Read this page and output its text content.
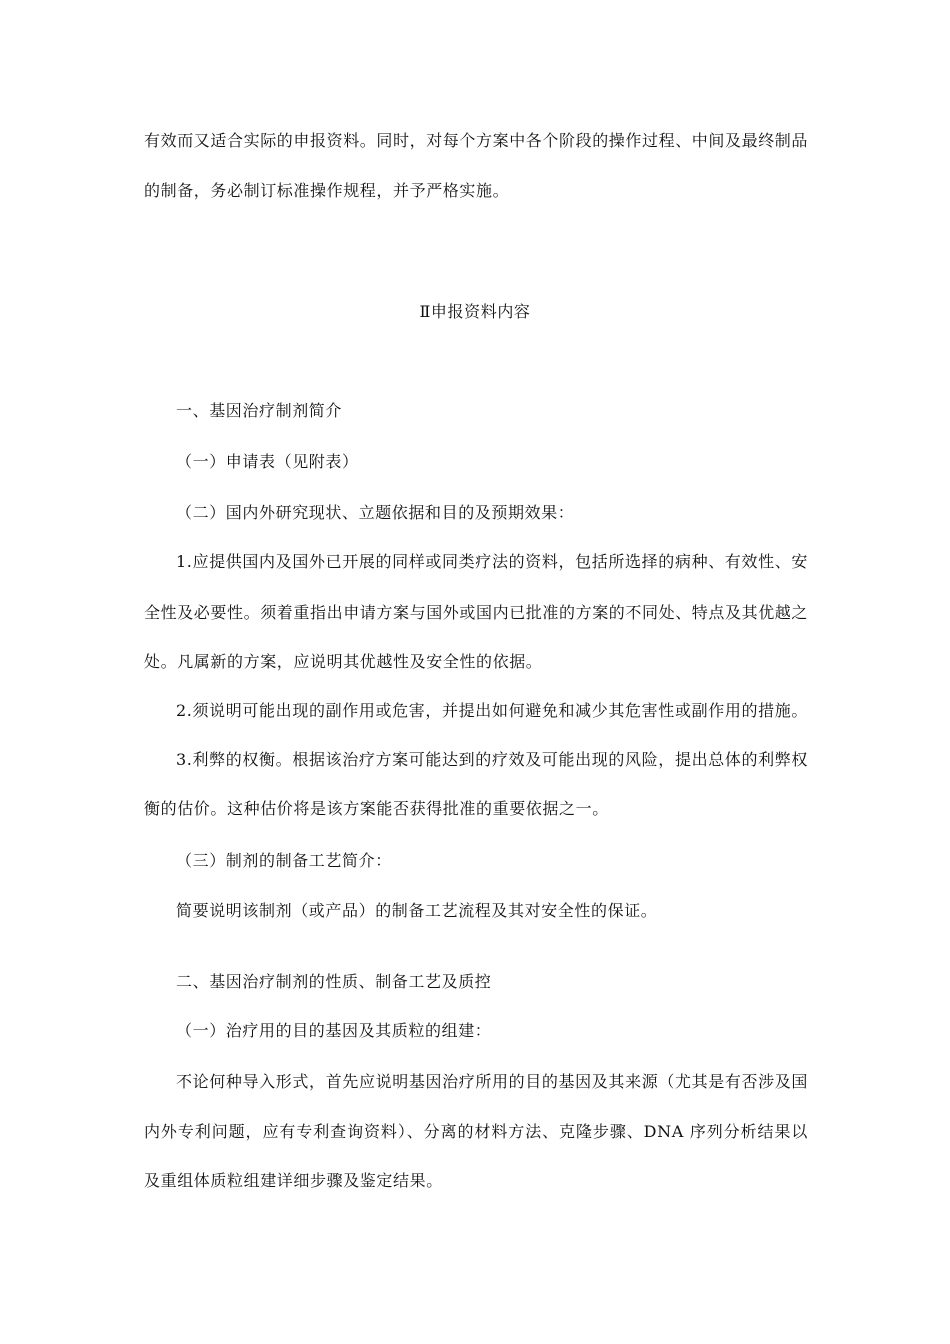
有效而又适合实际的申报资料。同时，对每个方案中各个阶段的操作过程、中间及最终制品
的制备，务必制订标准操作规程，并予严格实施。
Ⅱ申报资料内容
一、基因治疗制剂简介
（一）申请表（见附表）
（二）国内外研究现状、立题依据和目的及预期效果：
1.应提供国内及国外已开展的同样或同类疗法的资料，包括所选择的病种、有效性、安
全性及必要性。须着重指出申请方案与国外或国内已批准的方案的不同处、特点及其优越之
处。凡属新的方案，应说明其优越性及安全性的依据。
2.须说明可能出现的副作用或危害，并提出如何避免和减少其危害性或副作用的措施。
3.利弊的权衡。根据该治疗方案可能达到的疗效及可能出现的风险，提出总体的利弊权
衡的估价。这种估价将是该方案能否获得批准的重要依据之一。
（三）制剂的制备工艺简介：
简要说明该制剂（或产品）的制备工艺流程及其对安全性的保证。
二、基因治疗制剂的性质、制备工艺及质控
（一）治疗用的目的基因及其质粒的组建：
不论何种导入形式，首先应说明基因治疗所用的目的基因及其来源（尤其是有否涉及国
内外专利问题，应有专利查询资料）、分离的材料方法、克隆步骤、DNA 序列分析结果以
及重组体质粒组建详细步骤及鉴定结果。
